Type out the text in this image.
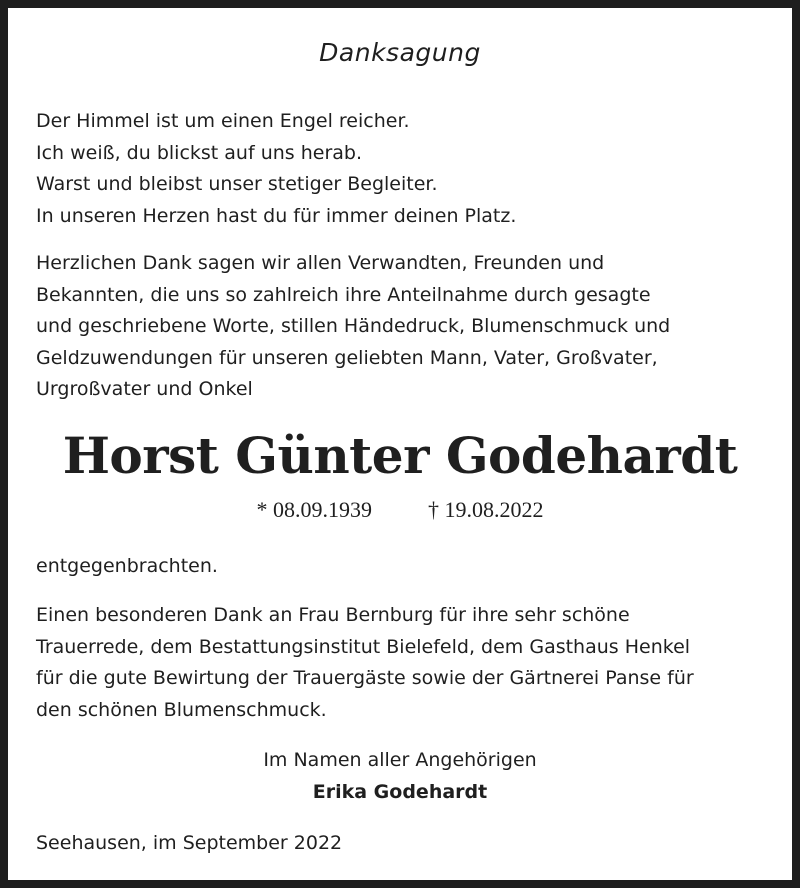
Danksagung
Der Himmel ist um einen Engel reicher.
Ich weiß, du blickst auf uns herab.
Warst und bleibst unser stetiger Begleiter.
In unseren Herzen hast du für immer deinen Platz.
Herzlichen Dank sagen wir allen Verwandten, Freunden und
Bekannten, die uns so zahlreich ihre Anteilnahme durch gesagte
und geschriebene Worte, stillen Händedruck, Blumenschmuck und
Geldzuwendungen für unseren geliebten Mann, Vater, Großvater,
Urgroßvater und Onkel
Horst Günter Godehardt
* 08.09.1939	† 19.08.2022
entgegenbrachten.
Einen besonderen Dank an Frau Bernburg für ihre sehr schöne
Trauerrede, dem Bestattungsinstitut Bielefeld, dem Gasthaus Henkel
für die gute Bewirtung der Trauergäste sowie der Gärtnerei Panse für
den schönen Blumenschmuck.
Im Namen aller Angehörigen
Erika Godehardt
Seehausen, im September 2022
